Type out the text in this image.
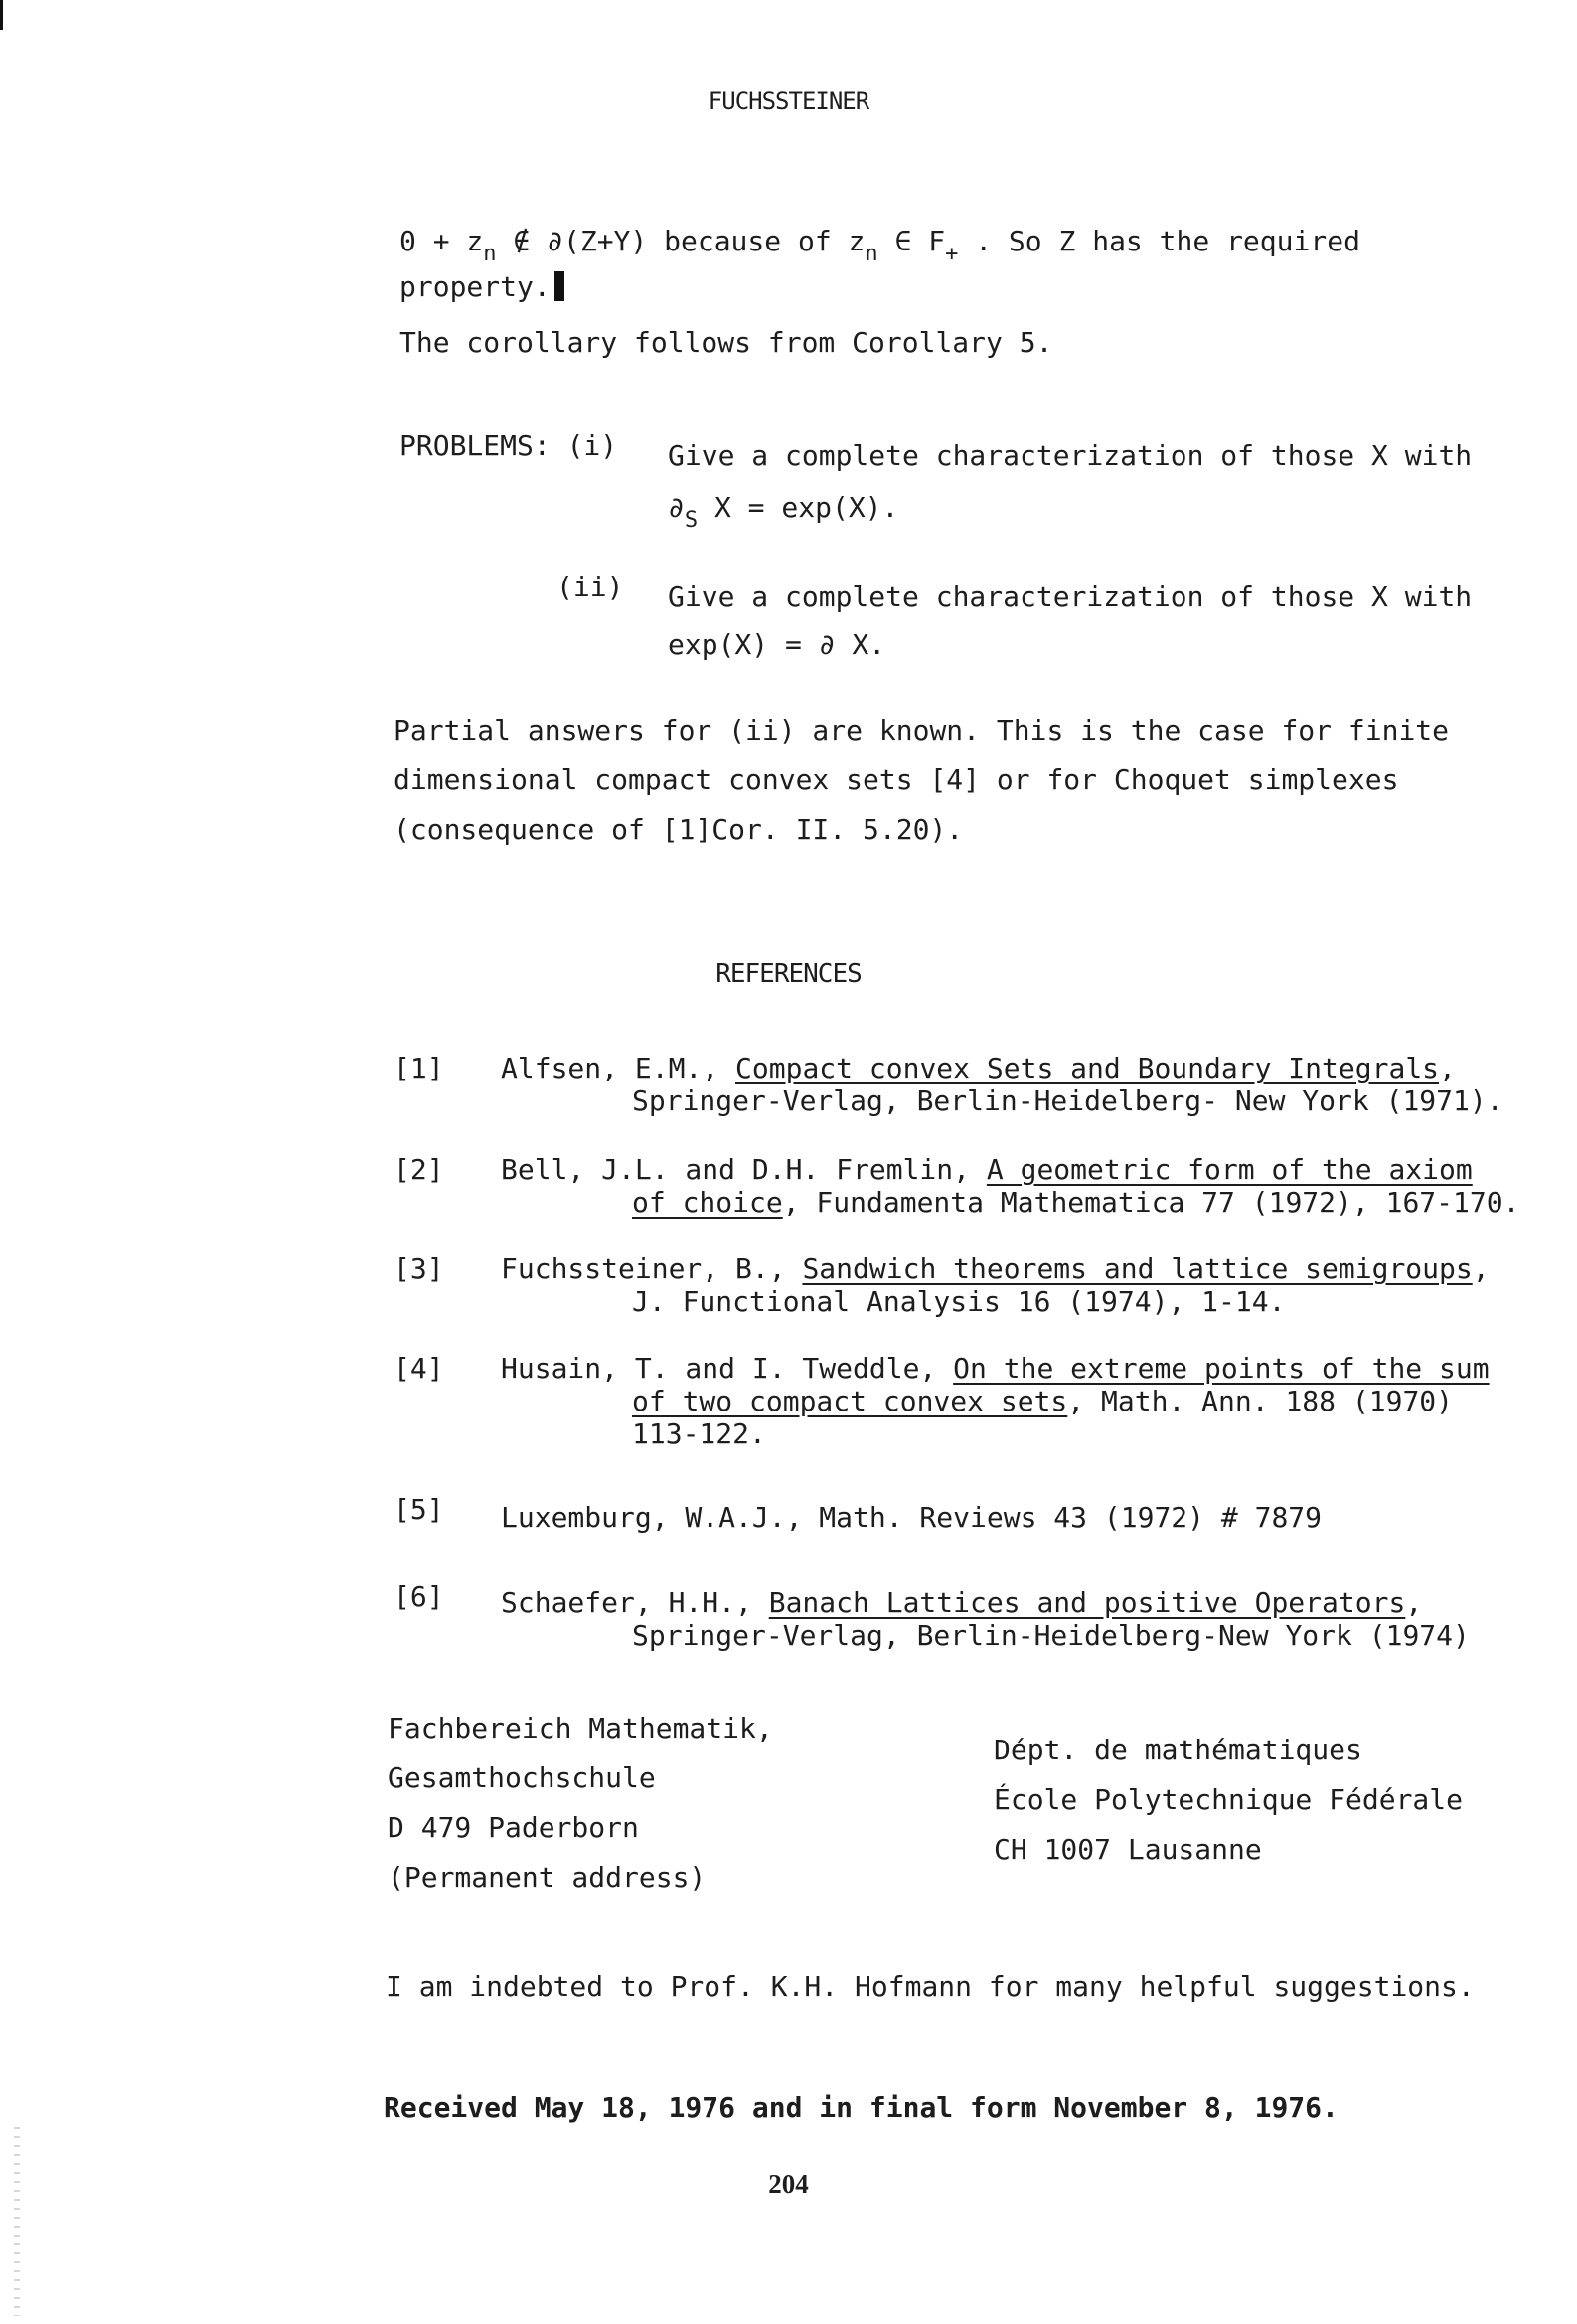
FUCHSSTEINER
$0 + z_n$ ∉ ∂(Z+Y) because of $z_n$ ∈ $F_+$ . So Z has the required
property.
The corollary follows from Corollary 5.
PROBLEMS: (i) Give a complete characterization of those X with
$\partial_S$ X = exp(X).
(ii) Give a complete characterization of those X with
exp(X) = ∂ X.
Partial answers for (ii) are known. This is the case for finite
dimensional compact convex sets [4] or for Choquet simplexes
(consequence of [1]Cor. II. 5.20).
REFERENCES
[1] Alfsen, E.M., Compact convex Sets and Boundary Integrals,
Springer-Verlag, Berlin-Heidelberg- New York (1971).
[2] Bell, J.L. and D.H. Fremlin, A geometric form of the axiom
of choice, Fundamenta Mathematica 77 (1972), 167-170.
[3] Fuchssteiner, B., Sandwich theorems and lattice semigroups,
J. Functional Analysis 16 (1974), 1-14.
[4] Husain, T. and I. Tweddle, On the extreme points of the sum
of two compact convex sets, Math. Ann. 188 (1970)
113-122.
[5] Luxemburg, W.A.J., Math. Reviews 43 (1972) # 7879
[6] Schaefer, H.H., Banach Lattices and positive Operators,
Springer-Verlag, Berlin-Heidelberg-New York (1974)
Fachbereich Mathematik,
Gesamthochschule
D 479 Paderborn
(Permanent address)
Dépt. de mathématiques
École Polytechnique Fédérale
CH 1007 Lausanne
I am indebted to Prof. K.H. Hofmann for many helpful suggestions.
Received May 18, 1976 and in final form November 8, 1976.
204
